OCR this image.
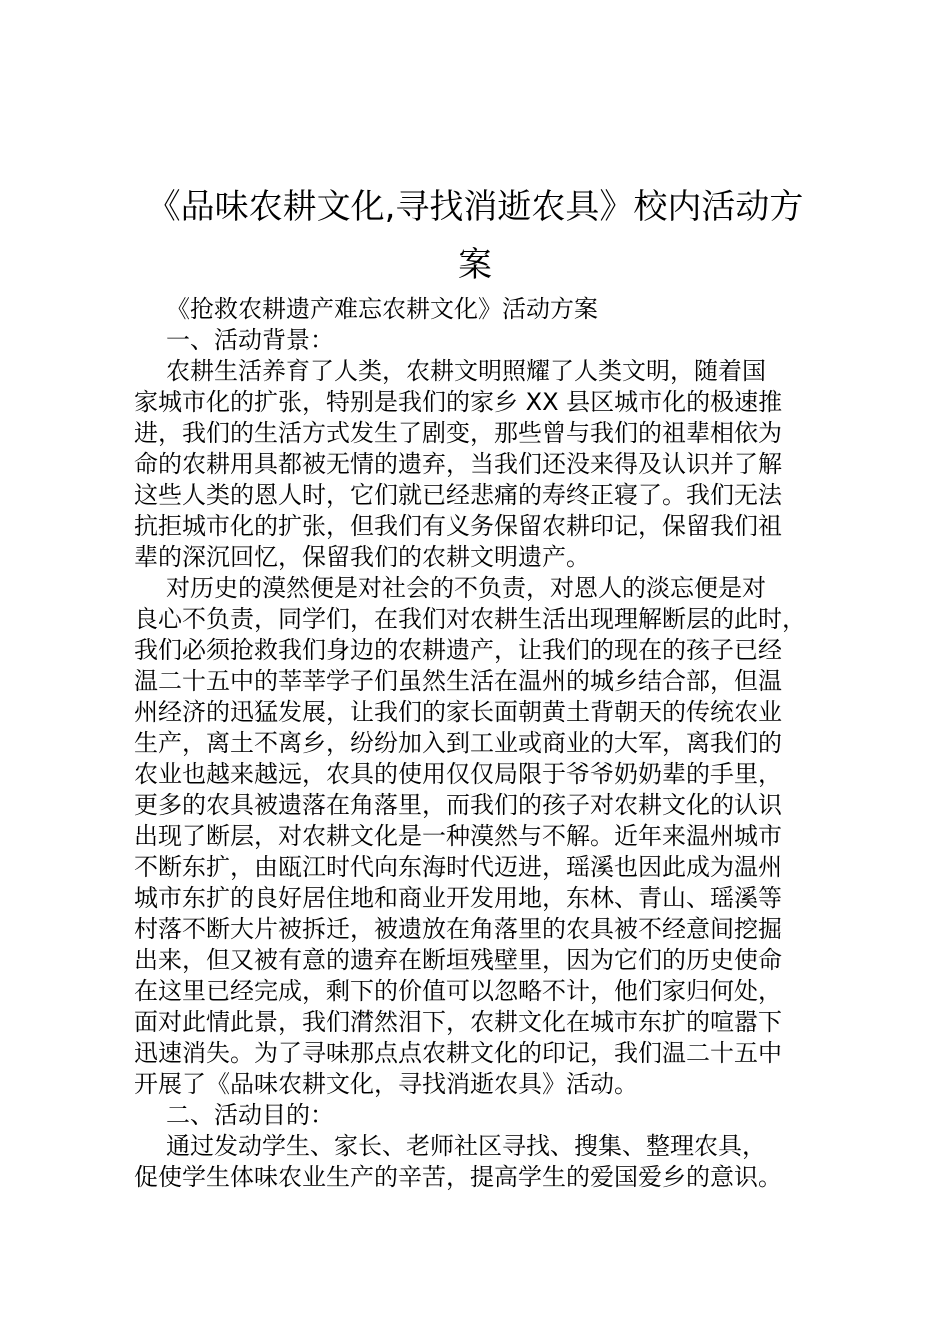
《品味农耕文化,寻找消逝农具》校内活动方
案
《抢救农耕遗产难忘农耕文化》活动方案
一、活动背景：
农耕生活养育了人类，农耕文明照耀了人类文明，随着国
家城市化的扩张，特别是我们的家乡 XX 县区城市化的极速推
进，我们的生活方式发生了剧变，那些曾与我们的祖辈相依为
命的农耕用具都被无情的遗弃，当我们还没来得及认识并了解
这些人类的恩人时，它们就已经悲痛的寿终正寝了。我们无法
抗拒城市化的扩张，但我们有义务保留农耕印记，保留我们祖
辈的深沉回忆，保留我们的农耕文明遗产。
对历史的漠然便是对社会的不负责，对恩人的淡忘便是对
良心不负责，同学们，在我们对农耕生活出现理解断层的此时，
我们必须抢救我们身边的农耕遗产，让我们的现在的孩子已经
温二十五中的莘莘学子们虽然生活在温州的城乡结合部，但温
州经济的迅猛发展，让我们的家长面朝黄土背朝天的传统农业
生产，离土不离乡，纷纷加入到工业或商业的大军，离我们的
农业也越来越远，农具的使用仅仅局限于爷爷奶奶辈的手里，
更多的农具被遗落在角落里，而我们的孩子对农耕文化的认识
出现了断层，对农耕文化是一种漠然与不解。近年来温州城市
不断东扩，由瓯江时代向东海时代迈进，瑶溪也因此成为温州
城市东扩的良好居住地和商业开发用地，东林、青山、瑶溪等
村落不断大片被拆迁，被遗放在角落里的农具被不经意间挖掘
出来，但又被有意的遗弃在断垣残壁里，因为它们的历史使命
在这里已经完成，剩下的价值可以忽略不计，他们家归何处，
面对此情此景，我们潸然泪下，农耕文化在城市东扩的喧嚣下
迅速消失。为了寻味那点点农耕文化的印记，我们温二十五中
开展了《品味农耕文化，寻找消逝农具》活动。
二、活动目的：
通过发动学生、家长、老师社区寻找、搜集、整理农具，
促使学生体味农业生产的辛苦，提高学生的爱国爱乡的意识。
